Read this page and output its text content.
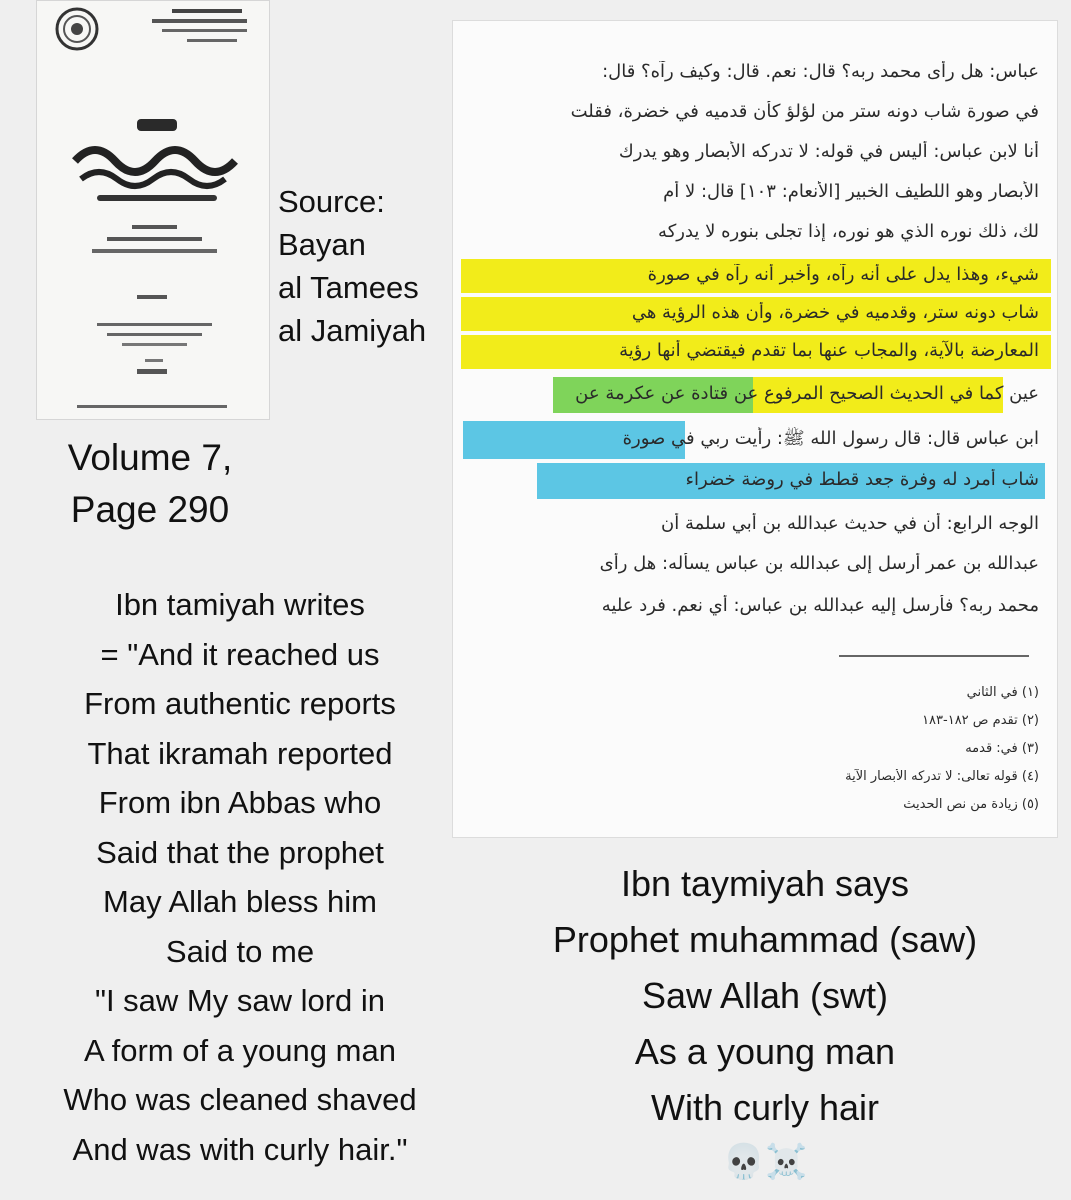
Source:
Bayan
al Tamees
al Jamiyah
Volume 7,
Page 290
Ibn tamiyah writes
= "And it reached us
From authentic reports
That ikramah reported
From ibn Abbas who
Said that the prophet
May Allah bless him
Said to me
"I saw My saw lord in
A form of a young man
Who was cleaned shaved
And was with curly hair."
عباس: هل رأى محمد ربه؟ قال: نعم. قال: وكيف رآه؟ قال:
في صورة شاب دونه ستر من لؤلؤ كأن قدميه في خضرة، فقلت
أنا لابن عباس: أليس في قوله: لا تدركه الأبصار وهو يدرك
الأبصار وهو اللطيف الخبير [الأنعام: ١٠٣] قال: لا أم
لك، ذلك نوره الذي هو نوره، إذا تجلى بنوره لا يدركه
شيء، وهذا يدل على أنه رآه، وأخبر أنه رآه في صورة
شاب دونه ستر، وقدميه في خضرة، وأن هذه الرؤية هي
المعارضة بالآية، والمجاب عنها بما تقدم فيقتضي أنها رؤية
عين كما في الحديث الصحيح المرفوع عن قتادة عن عكرمة عن
ابن عباس قال: قال رسول الله ﷺ: رأيت ربي في صورة
شاب أمرد له وفرة جعد قطط في روضة خضراء
الوجه الرابع: أن في حديث عبدالله بن أبي سلمة أن
عبدالله بن عمر أرسل إلى عبدالله بن عباس يسأله: هل رأى
محمد ربه؟ فأرسل إليه عبدالله بن عباس: أي نعم. فرد عليه
(١) في الثاني
(٢) تقدم ص ١٨٢-١٨٣
(٣) في: قدمه
(٤) قوله تعالى: لا تدركه الأبصار الآية
(٥) زيادة من نص الحديث
Ibn taymiyah says
Prophet muhammad (saw)
Saw Allah (swt)
As a young man
With curly hair
💀☠️
